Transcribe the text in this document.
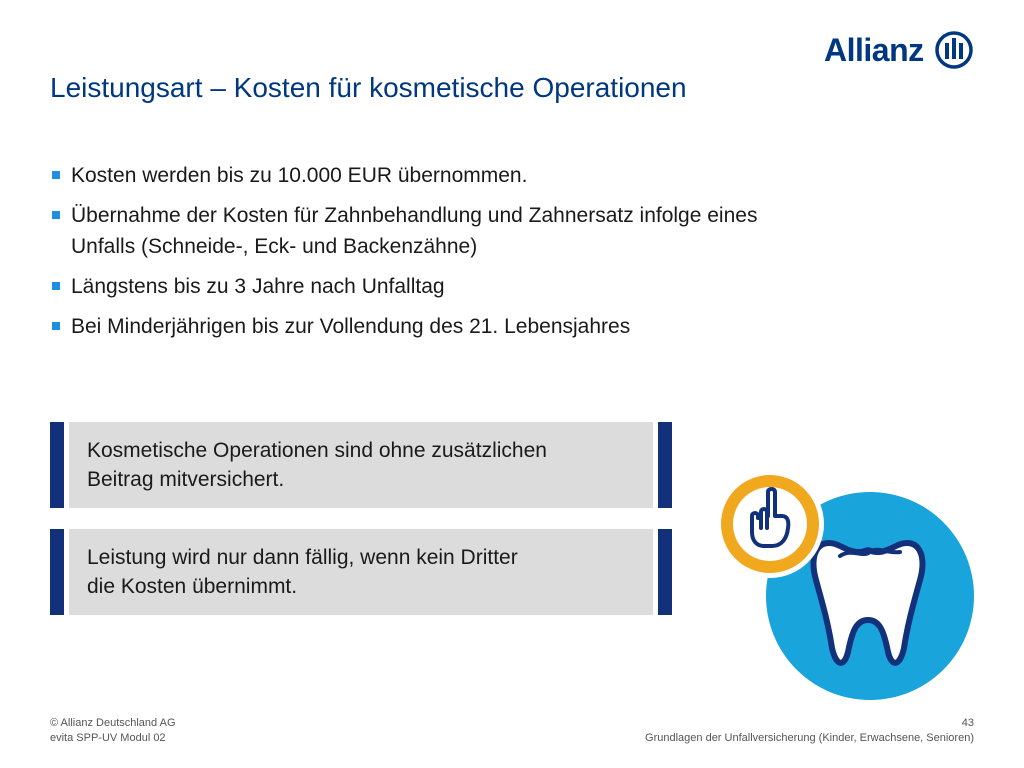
Allianz
Leistungsart – Kosten für kosmetische Operationen
Kosten werden bis zu 10.000 EUR übernommen.
Übernahme der Kosten für Zahnbehandlung und Zahnersatz infolge eines Unfalls (Schneide-, Eck- und Backenzähne)
Längstens bis zu 3 Jahre nach Unfalltag
Bei Minderjährigen bis zur Vollendung des 21. Lebensjahres
Kosmetische Operationen sind ohne zusätzlichen
Beitrag mitversichert.
Leistung wird nur dann fällig, wenn kein Dritter
die Kosten übernimmt.
© Allianz Deutschland AG
evita SPP-UV Modul 02
43
Grundlagen der Unfallversicherung (Kinder, Erwachsene, Senioren)
